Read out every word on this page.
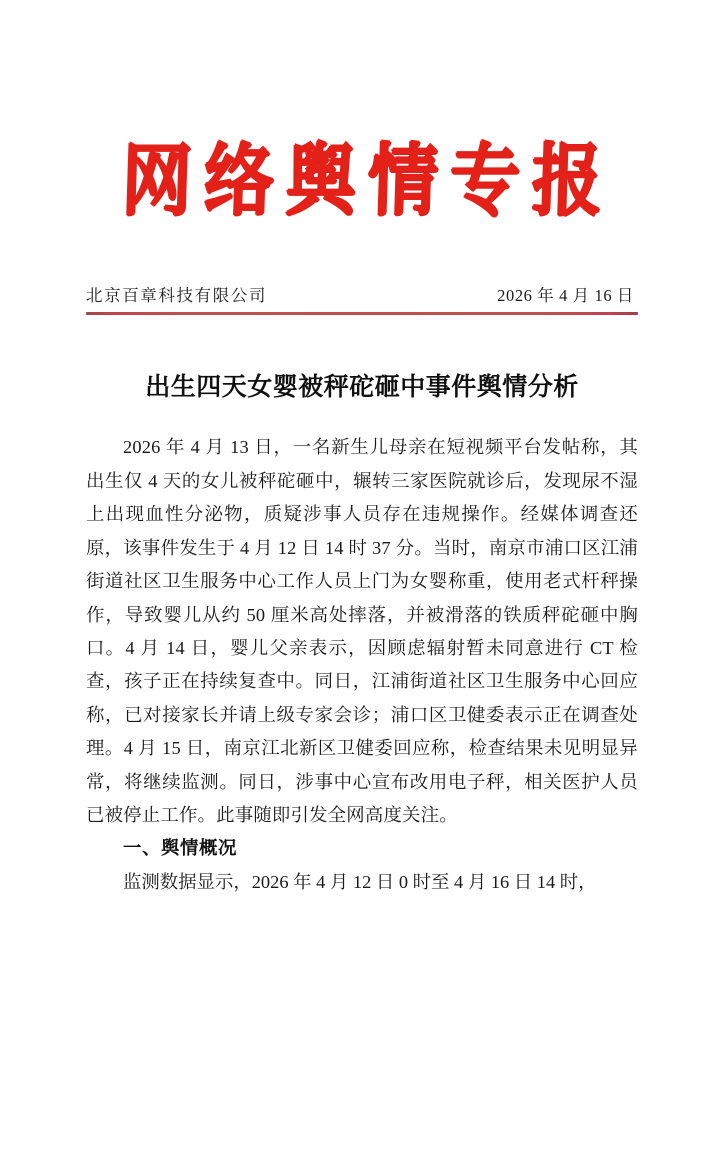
网络舆情专报
北京百章科技有限公司	2026 年 4 月 16 日
出生四天女婴被秤砣砸中事件舆情分析

2026 年 4 月 13 日，一名新生儿母亲在短视频平台发帖称，其出生仅 4 天的女儿被秤砣砸中，辗转三家医院就诊后，发现尿不湿上出现血性分泌物，质疑涉事人员存在违规操作。经媒体调查还原，该事件发生于 4 月 12 日 14 时 37 分。当时，南京市浦口区江浦街道社区卫生服务中心工作人员上门为女婴称重，使用老式杆秤操作，导致婴儿从约 50 厘米高处摔落，并被滑落的铁质秤砣砸中胸口。4 月 14 日，婴儿父亲表示，因顾虑辐射暂未同意进行 CT 检查，孩子正在持续复查中。同日，江浦街道社区卫生服务中心回应称，已对接家长并请上级专家会诊；浦口区卫健委表示正在调查处理。4 月 15 日，南京江北新区卫健委回应称，检查结果未见明显异常，将继续监测。同日，涉事中心宣布改用电子秤，相关医护人员已被停止工作。此事随即引发全网高度关注。

一、舆情概况
监测数据显示，2026 年 4 月 12 日 0 时至 4 月 16 日 14 时，
